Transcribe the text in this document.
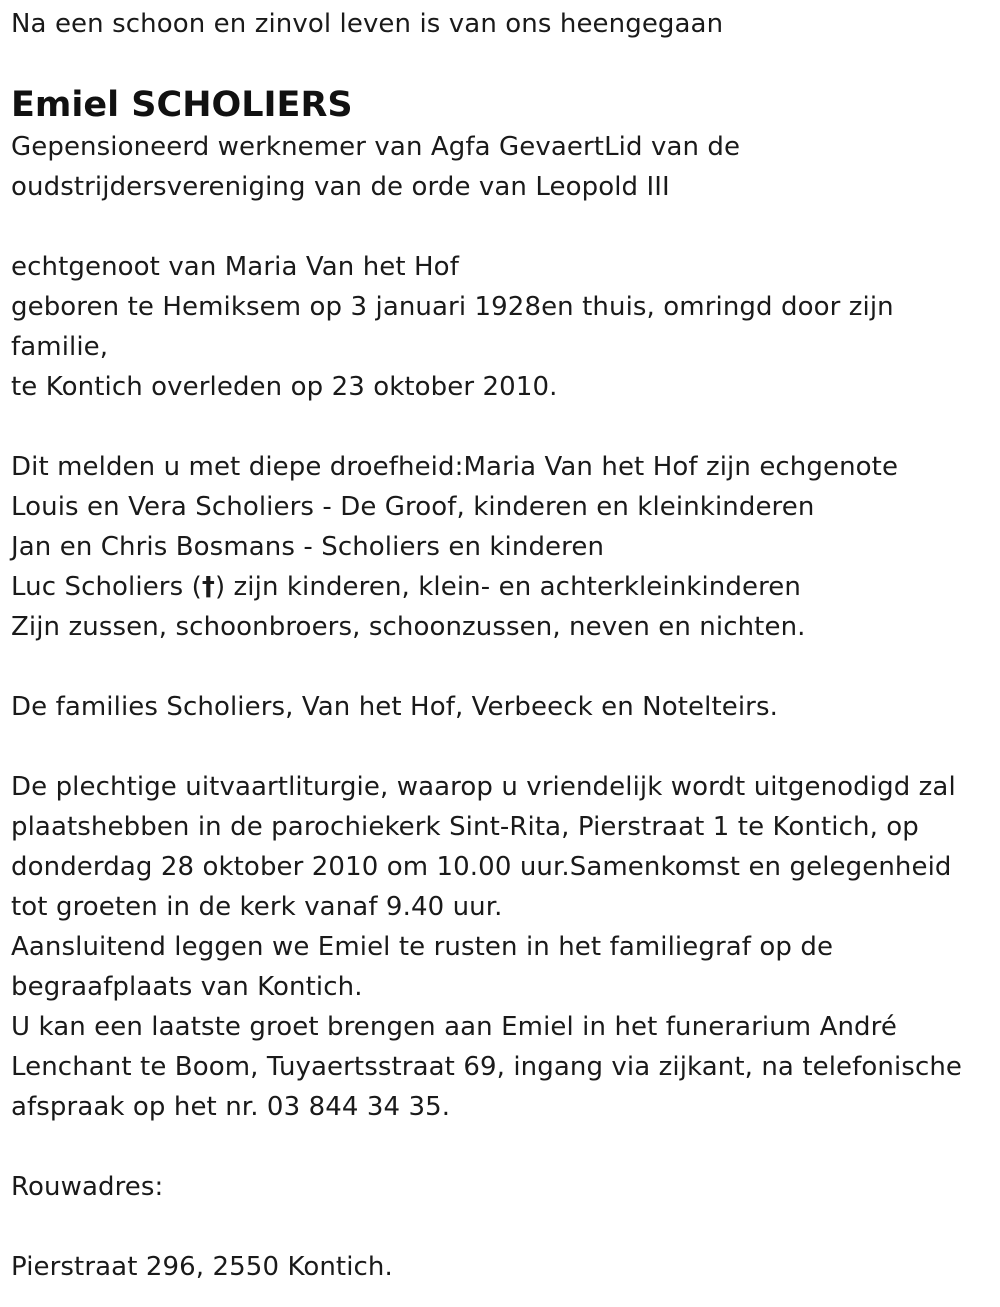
Na een schoon en zinvol leven is van ons heengegaan
Emiel SCHOLIERS
Gepensioneerd werknemer van Agfa GevaertLid van de
oudstrijdersvereniging van de orde van Leopold III
echtgenoot van Maria Van het Hof
geboren te Hemiksem op 3 januari 1928en thuis, omringd door zijn
familie,
te Kontich overleden op 23 oktober 2010.
Dit melden u met diepe droefheid:Maria Van het Hof zijn echgenote
Louis en Vera Scholiers - De Groof, kinderen en kleinkinderen
Jan en Chris Bosmans - Scholiers en kinderen
Luc Scholiers (†) zijn kinderen, klein- en achterkleinkinderen
Zijn zussen, schoonbroers, schoonzussen, neven en nichten.
De families Scholiers, Van het Hof, Verbeeck en Notelteirs.
De plechtige uitvaartliturgie, waarop u vriendelijk wordt uitgenodigd zal
plaatshebben in de parochiekerk Sint-Rita, Pierstraat 1 te Kontich, op
donderdag 28 oktober 2010 om 10.00 uur.Samenkomst en gelegenheid
tot groeten in de kerk vanaf 9.40 uur.
Aansluitend leggen we Emiel te rusten in het familiegraf op de
begraafplaats van Kontich.
U kan een laatste groet brengen aan Emiel in het funerarium André
Lenchant te Boom, Tuyaertsstraat 69, ingang via zijkant, na telefonische
afspraak op het nr. 03 844 34 35.
Rouwadres:
Pierstraat 296, 2550 Kontich.
